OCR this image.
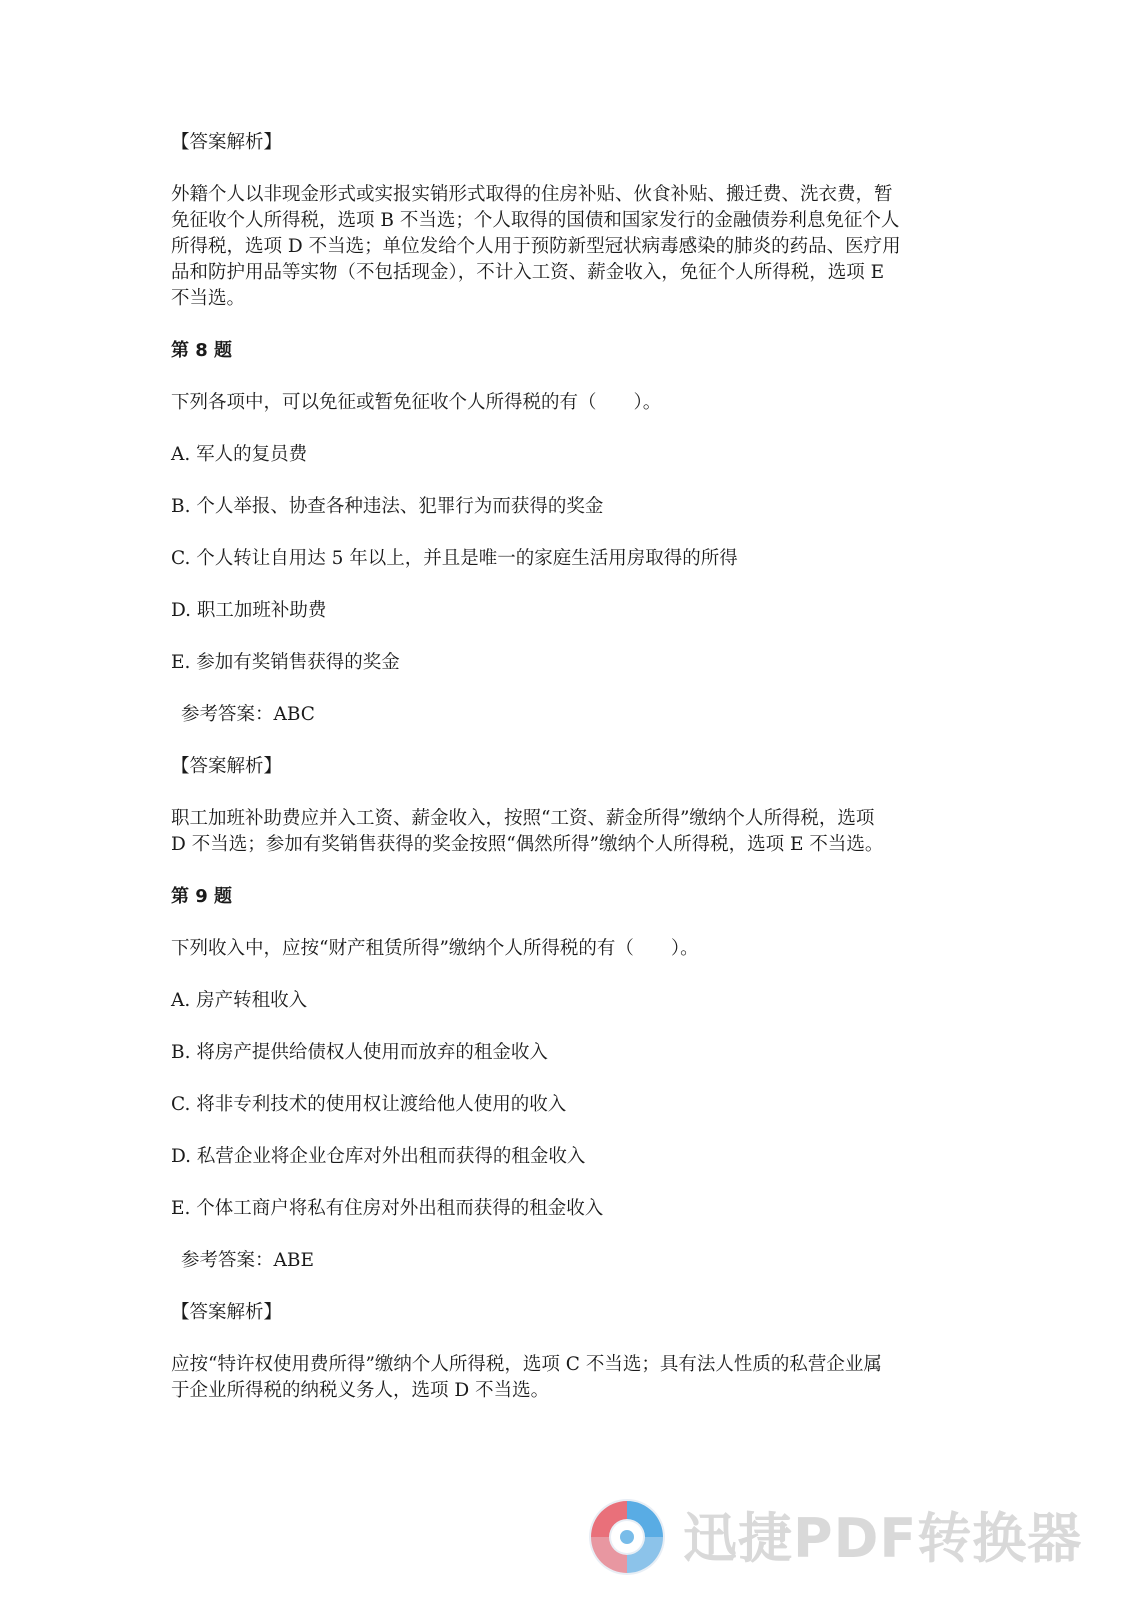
【答案解析】

外籍个人以非现金形式或实报实销形式取得的住房补贴、伙食补贴、搬迁费、洗衣费，暂

免征收个人所得税，选项 B 不当选；个人取得的国债和国家发行的金融债券利息免征个人

所得税，选项 D 不当选；单位发给个人用于预防新型冠状病毒感染的肺炎的药品、医疗用

品和防护用品等实物（不包括现金），不计入工资、薪金收入，免征个人所得税，选项 E

不当选。

第 8 题

下列各项中，可以免征或暂免征收个人所得税的有（　　）。

A. 军人的复员费

B. 个人举报、协查各种违法、犯罪行为而获得的奖金

C. 个人转让自用达 5 年以上，并且是唯一的家庭生活用房取得的所得

D. 职工加班补助费

E. 参加有奖销售获得的奖金

参考答案：ABC

【答案解析】

职工加班补助费应并入工资、薪金收入，按照“工资、薪金所得”缴纳个人所得税，选项

D 不当选；参加有奖销售获得的奖金按照“偶然所得”缴纳个人所得税，选项 E 不当选。

第 9 题

下列收入中，应按“财产租赁所得”缴纳个人所得税的有（　　）。

A. 房产转租收入

B. 将房产提供给债权人使用而放弃的租金收入

C. 将非专利技术的使用权让渡给他人使用的收入

D. 私营企业将企业仓库对外出租而获得的租金收入

E. 个体工商户将私有住房对外出租而获得的租金收入

参考答案：ABE

【答案解析】

应按“特许权使用费所得”缴纳个人所得税，选项 C 不当选；具有法人性质的私营企业属

于企业所得税的纳税义务人，选项 D 不当选。

迅捷PDF转换器
